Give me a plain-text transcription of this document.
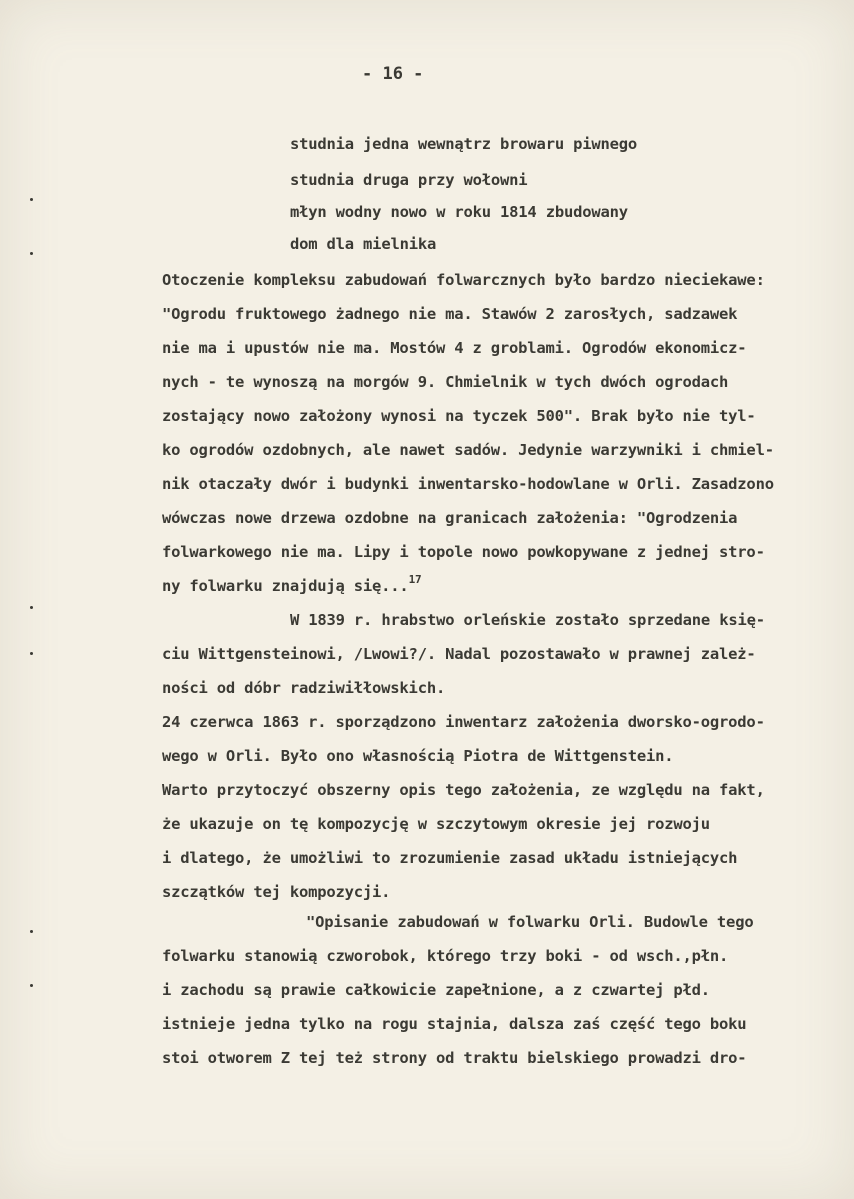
- 16 -
studnia jedna wewnątrz browaru piwnego
studnia druga przy wołowni
młyn wodny nowo w roku 1814 zbudowany
dom dla mielnika
Otoczenie kompleksu zabudowań folwarcznych było bardzo nieciekawe:
"Ogrodu fruktowego żadnego nie ma. Stawów 2 zarosłych, sadzawek
nie ma i upustów nie ma. Mostów 4 z groblami. Ogrodów ekonomicz-
nych - te wynoszą na morgów 9. Chmielnik w tych dwóch ogrodach
zostający nowo założony wynosi na tyczek 500". Brak było nie tyl-
ko ogrodów ozdobnych, ale nawet sadów. Jedynie warzywniki i chmiel-
nik otaczały dwór i budynki inwentarsko-hodowlane w Orli. Zasadzono
wówczas nowe drzewa ozdobne na granicach założenia: "Ogrodzenia
folwarkowego nie ma. Lipy i topole nowo powkopywane z jednej stro-
ny folwarku znajdują się...$^{17}$
W 1839 r. hrabstwo orleńskie zostało sprzedane księ-
ciu Wittgensteinowi, /Lwowi?/. Nadal pozostawało w prawnej zależ-
ności od dóbr radziwiłłowskich.
24 czerwca 1863 r. sporządzono inwentarz założenia dworsko-ogrodo-
wego w Orli. Było ono własnością Piotra de Wittgenstein.
Warto przytoczyć obszerny opis tego założenia, ze względu na fakt,
że ukazuje on tę kompozycję w szczytowym okresie jej rozwoju
i dlatego, że umożliwi to zrozumienie zasad układu istniejących
szczątków tej kompozycji.
"Opisanie zabudowań w folwarku Orli. Budowle tego
folwarku stanowią czworobok, którego trzy boki - od wsch.,płn.
i zachodu są prawie całkowicie zapełnione, a z czwartej płd.
istnieje jedna tylko na rogu stajnia, dalsza zaś część tego boku
stoi otworem Z tej też strony od traktu bielskiego prowadzi dro-
